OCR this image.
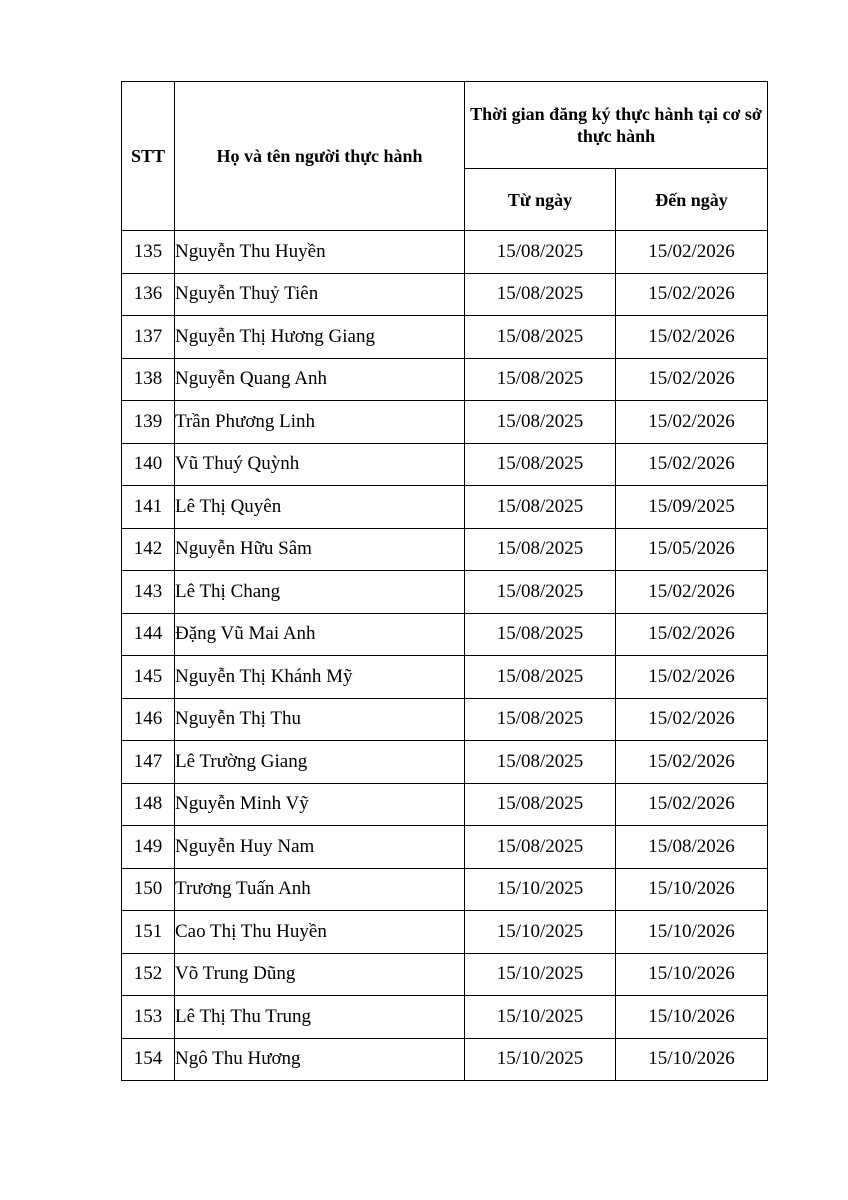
STT	Họ và tên người thực hành	Thời gian đăng ký thực hành tại cơ sở thực hành	
		Từ ngày	Đến ngày
135	Nguyễn Thu Huyền	15/08/2025	15/02/2026
136	Nguyễn Thuỷ Tiên	15/08/2025	15/02/2026
137	Nguyễn Thị Hương Giang	15/08/2025	15/02/2026
138	Nguyễn Quang Anh	15/08/2025	15/02/2026
139	Trần Phương Linh	15/08/2025	15/02/2026
140	Vũ Thuý Quỳnh	15/08/2025	15/02/2026
141	Lê Thị Quyên	15/08/2025	15/09/2025
142	Nguyễn Hữu Sâm	15/08/2025	15/05/2026
143	Lê Thị Chang	15/08/2025	15/02/2026
144	Đặng Vũ Mai Anh	15/08/2025	15/02/2026
145	Nguyễn Thị Khánh Mỹ	15/08/2025	15/02/2026
146	Nguyễn Thị Thu	15/08/2025	15/02/2026
147	Lê Trường Giang	15/08/2025	15/02/2026
148	Nguyễn Minh Vỹ	15/08/2025	15/02/2026
149	Nguyễn Huy Nam	15/08/2025	15/08/2026
150	Trương Tuấn Anh	15/10/2025	15/10/2026
151	Cao Thị Thu Huyền	15/10/2025	15/10/2026
152	Võ Trung Dũng	15/10/2025	15/10/2026
153	Lê Thị Thu Trung	15/10/2025	15/10/2026
154	Ngô Thu Hương	15/10/2025	15/10/2026
